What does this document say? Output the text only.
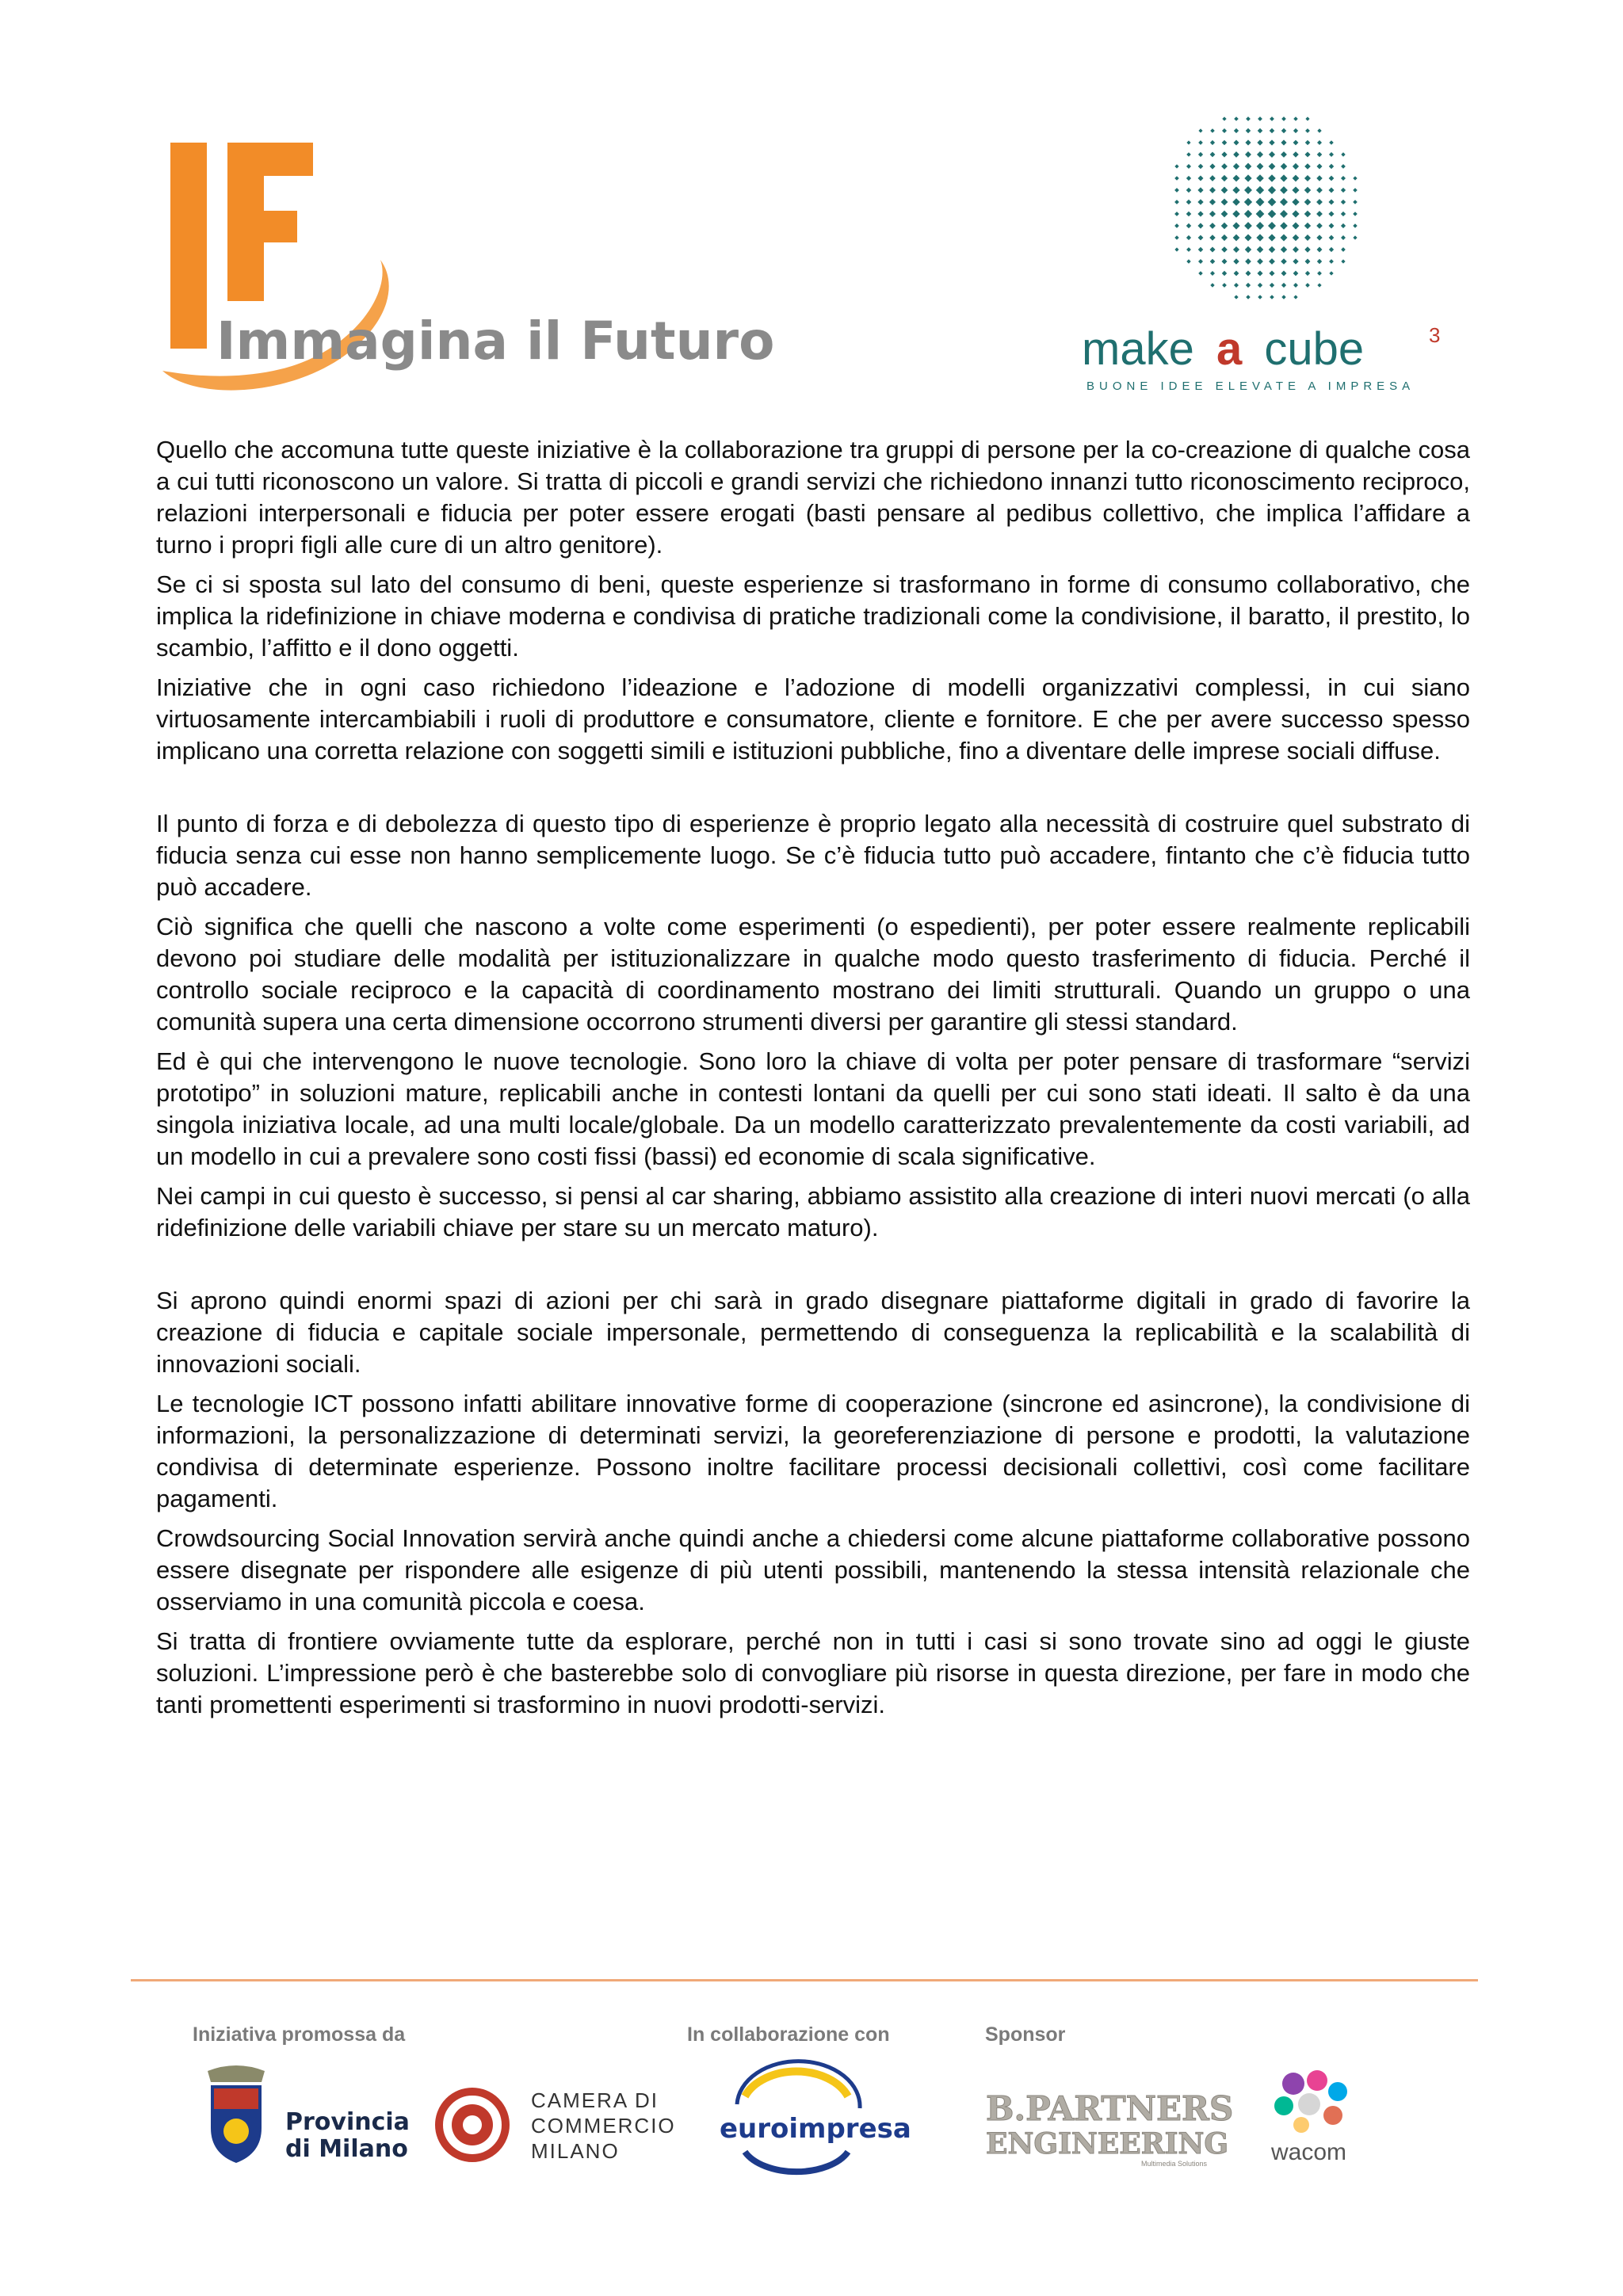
Immagina il Futuro	make a cube	3
BUONE IDEE ELEVATE A IMPRESA

Quello che accomuna tutte queste iniziative è la collaborazione tra gruppi di persone per la co-creazione di qualche cosa a cui tutti riconoscono un valore. Si tratta di piccoli e grandi servizi che richiedono innanzi tutto riconoscimento reciproco, relazioni interpersonali e fiducia per poter essere erogati (basti pensare al pedibus collettivo, che implica l’affidare a turno i propri figli alle cure di un altro genitore).

Se ci si sposta sul lato del consumo di beni, queste esperienze si trasformano in forme di consumo collaborativo, che implica la ridefinizione in chiave moderna e condivisa di pratiche tradizionali come la condivisione, il baratto, il prestito, lo scambio, l’affitto e il dono oggetti.

Iniziative che in ogni caso richiedono l’ideazione e l’adozione di modelli organizzativi complessi, in cui siano virtuosamente intercambiabili i ruoli di produttore e consumatore, cliente e fornitore. E che per avere successo spesso implicano una corretta relazione con soggetti simili e istituzioni pubbliche, fino a diventare delle imprese sociali diffuse.

Il punto di forza e di debolezza di questo tipo di esperienze è proprio legato alla necessità di costruire quel substrato di fiducia senza cui esse non hanno semplicemente luogo. Se c’è fiducia tutto può accadere, fintanto che c’è fiducia tutto può accadere.

Ciò significa che quelli che nascono a volte come esperimenti (o espedienti), per poter essere realmente replicabili devono poi studiare delle modalità per istituzionalizzare in qualche modo questo trasferimento di fiducia. Perché il controllo sociale reciproco e la capacità di coordinamento mostrano dei limiti strutturali. Quando un gruppo o una comunità supera una certa dimensione occorrono strumenti diversi per garantire gli stessi standard.

Ed è qui che intervengono le nuove tecnologie. Sono loro la chiave di volta per poter pensare di trasformare “servizi prototipo” in soluzioni mature, replicabili anche in contesti lontani da quelli per cui sono stati ideati. Il salto è da una singola iniziativa locale, ad una multi locale/globale. Da un modello caratterizzato prevalentemente da costi variabili, ad un modello in cui a prevalere sono costi fissi (bassi) ed economie di scala significative.

Nei campi in cui questo è successo, si pensi al car sharing, abbiamo assistito alla creazione di interi nuovi mercati (o alla ridefinizione delle variabili chiave per stare su un mercato maturo).

Si aprono quindi enormi spazi di azioni per chi sarà in grado disegnare piattaforme digitali in grado di favorire la creazione di fiducia e capitale sociale impersonale, permettendo di conseguenza la replicabilità e la scalabilità di innovazioni sociali.

Le tecnologie ICT possono infatti abilitare innovative forme di cooperazione (sincrone ed asincrone), la condivisione di informazioni, la personalizzazione di determinati servizi, la georeferenziazione di persone e prodotti, la valutazione condivisa di determinate esperienze. Possono inoltre facilitare processi decisionali collettivi, così come facilitare pagamenti.

Crowdsourcing Social Innovation servirà anche quindi anche a chiedersi come alcune piattaforme collaborative possono essere disegnate per rispondere alle esigenze di più utenti possibili, mantenendo la stessa intensità relazionale che osserviamo in una comunità piccola e coesa.

Si tratta di frontiere ovviamente tutte da esplorare, perché non in tutti i casi si sono trovate sino ad oggi le giuste soluzioni. L’impressione però è che basterebbe solo di convogliare più risorse in questa direzione, per fare in modo che tanti promettenti esperimenti si trasformino in nuovi prodotti-servizi.

Iniziativa promossa da	In collaborazione con	Sponsor
Provincia
di Milano
CAMERA DI
COMMERCIO
MILANO
euroimpresa
B.PARTNERS
ENGINEERING
Multimedia Solutions	wacom
